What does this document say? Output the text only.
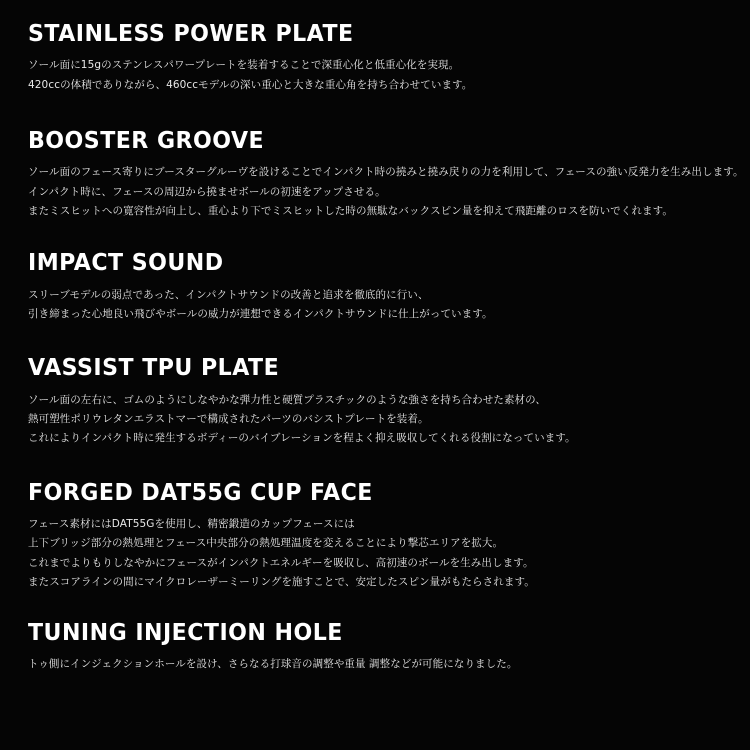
STAINLESS POWER PLATE
ソール面に15gのステンレスパワープレートを装着することで深重心化と低重心化を実現。
420ccの体積でありながら、460ccモデルの深い重心と大きな重心角を持ち合わせています。
BOOSTER GROOVE
ソール面のフェース寄りにブースターグルーヴを設けることでインパクト時の撓みと撓み戻りの力を利用して、フェースの強い反発力を生み出します。
インパクト時に、フェースの周辺から撓ませボールの初速をアップさせる。
またミスヒットへの寛容性が向上し、重心より下でミスヒットした時の無駄なバックスピン量を抑えて飛距離のロスを防いでくれます。
IMPACT SOUND
スリーブモデルの弱点であった、インパクトサウンドの改善と追求を徹底的に行い、
引き締まった心地良い飛びやボールの威力が連想できるインパクトサウンドに仕上がっています。
VASSIST TPU PLATE
ソール面の左右に、ゴムのようにしなやかな弾力性と硬質プラスチックのような強さを持ち合わせた素材の、
熱可塑性ポリウレタンエラストマーで構成されたパーツのバシストプレートを装着。
これによりインパクト時に発生するボディーのバイブレーションを程よく抑え吸収してくれる役割になっています。
FORGED DAT55G CUP FACE
フェース素材にはDAT55Gを使用し、精密鍛造のカップフェースには
上下ブリッジ部分の熱処理とフェース中央部分の熱処理温度を変えることにより撃芯エリアを拡大。
これまでよりもりしなやかにフェースがインパクトエネルギーを吸収し、高初速のボールを生み出します。
またスコアラインの間にマイクロレーザーミーリングを施すことで、安定したスピン量がもたらされます。
TUNING INJECTION HOLE
トゥ側にインジェクションホールを設け、さらなる打球音の調整や重量 調整などが可能になりました。
